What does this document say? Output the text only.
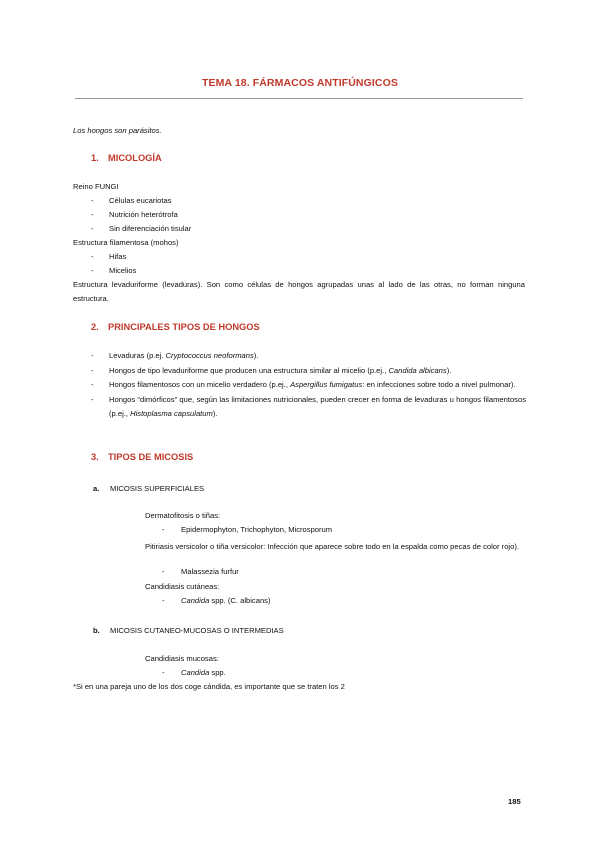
TEMA 18. FÁRMACOS ANTIFÚNGICOS
Los hongos son parásitos.
1. MICOLOGÍA
Reino FUNGI
- Células eucariotas
- Nutrición heterótrofa
- Sin diferenciación tisular
Estructura filamentosa (mohos)
- Hifas
- Micelios
Estructura levaduriforme (levaduras). Son como células de hongos agrupadas unas al lado de las otras, no forman ninguna estructura.
2. PRINCIPALES TIPOS DE HONGOS
-	Levaduras (p.ej. Cryptococcus neoformans).
-	Hongos de tipo levaduriforme que producen una estructura similar al micelio (p.ej., Candida albicans).
-	Hongos filamentosos con un micelio verdadero (p.ej., Aspergillus fumigatus: en infecciones sobre todo a nivel pulmonar).
-	Hongos “dimórficos” que, según las limitaciones nutricionales, pueden crecer en forma de levaduras u hongos filamentosos (p.ej., Histoplasma capsulatum).
3. TIPOS DE MICOSIS
a. MICOSIS SUPERFICIALES
Dermatofitosis o tiñas:
- Epidermophyton, Trichophyton, Microsporum
Pitiriasis versicolor o tiña versicolor: Infección que aparece sobre todo en la espalda como pecas de color rojo).
- Malassezia furfur
Candidiasis cutáneas:
- Candida spp. (C. albicans)
b. MICOSIS CUTANEO-MUCOSAS O INTERMEDIAS
Candidiasis mucosas:
- Candida spp.
*Si en una pareja uno de los dos coge cándida, es importante que se traten los 2
185
